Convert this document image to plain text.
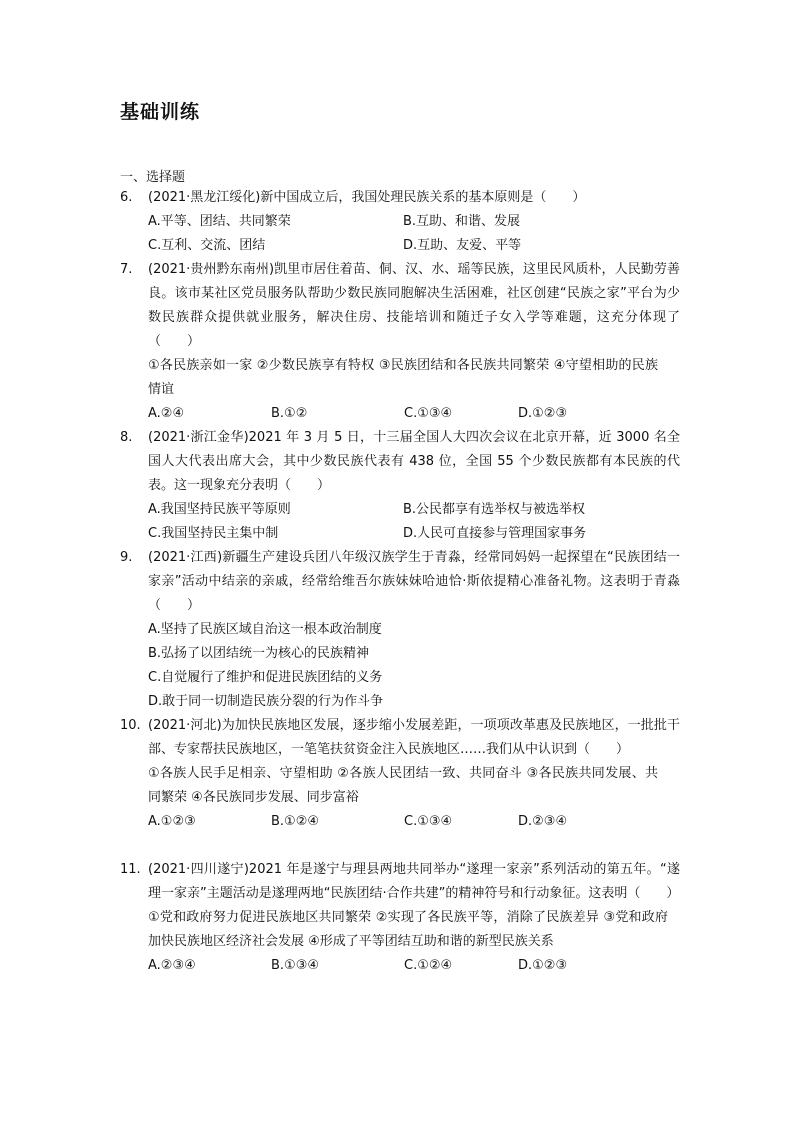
基础训练
一、选择题
6. (2021·黑龙江绥化)新中国成立后，我国处理民族关系的基本原则是（　　）
A.平等、团结、共同繁荣	B.互助、和谐、发展
C.互利、交流、团结	D.互助、友爱、平等
7. (2021·贵州黔东南州)凯里市居住着苗、侗、汉、水、瑶等民族，这里民风质朴，人民勤劳善良。该市某社区党员服务队帮助少数民族同胞解决生活困难，社区创建“民族之家”平台为少数民族群众提供就业服务，解决住房、技能培训和随迁子女入学等难题，这充分体现了（　　）
①各民族亲如一家 ②少数民族享有特权 ③民族团结和各民族共同繁荣 ④守望相助的民族情谊
A.②④	B.①②	C.①③④	D.①②③
8. (2021·浙江金华)2021 年 3 月 5 日，十三届全国人大四次会议在北京开幕，近 3000 名全国人大代表出席大会，其中少数民族代表有 438 位，全国 55 个少数民族都有本民族的代表。这一现象充分表明（　　）
A.我国坚持民族平等原则	B.公民都享有选举权与被选举权
C.我国坚持民主集中制	D.人民可直接参与管理国家事务
9. (2021·江西)新疆生产建设兵团八年级汉族学生于青淼，经常同妈妈一起探望在“民族团结一家亲”活动中结亲的亲戚，经常给维吾尔族妹妹哈迪恰·斯依提精心准备礼物。这表明于青淼（　　）
A.坚持了民族区域自治这一根本政治制度
B.弘扬了以团结统一为核心的民族精神
C.自觉履行了维护和促进民族团结的义务
D.敢于同一切制造民族分裂的行为作斗争
10. (2021·河北)为加快民族地区发展，逐步缩小发展差距，一项项改革惠及民族地区，一批批干部、专家帮扶民族地区，一笔笔扶贫资金注入民族地区……我们从中认识到（　　）
①各族人民手足相亲、守望相助 ②各族人民团结一致、共同奋斗 ③各民族共同发展、共同繁荣 ④各民族同步发展、同步富裕
A.①②③	B.①②④	C.①③④	D.②③④
11. (2021·四川遂宁)2021 年是遂宁与理县两地共同举办“遂理一家亲”系列活动的第五年。“遂理一家亲”主题活动是遂理两地“民族团结·合作共建”的精神符号和行动象征。这表明（　　）
①党和政府努力促进民族地区共同繁荣 ②实现了各民族平等，消除了民族差异 ③党和政府加快民族地区经济社会发展 ④形成了平等团结互助和谐的新型民族关系
A.②③④	B.①③④	C.①②④	D.①②③
